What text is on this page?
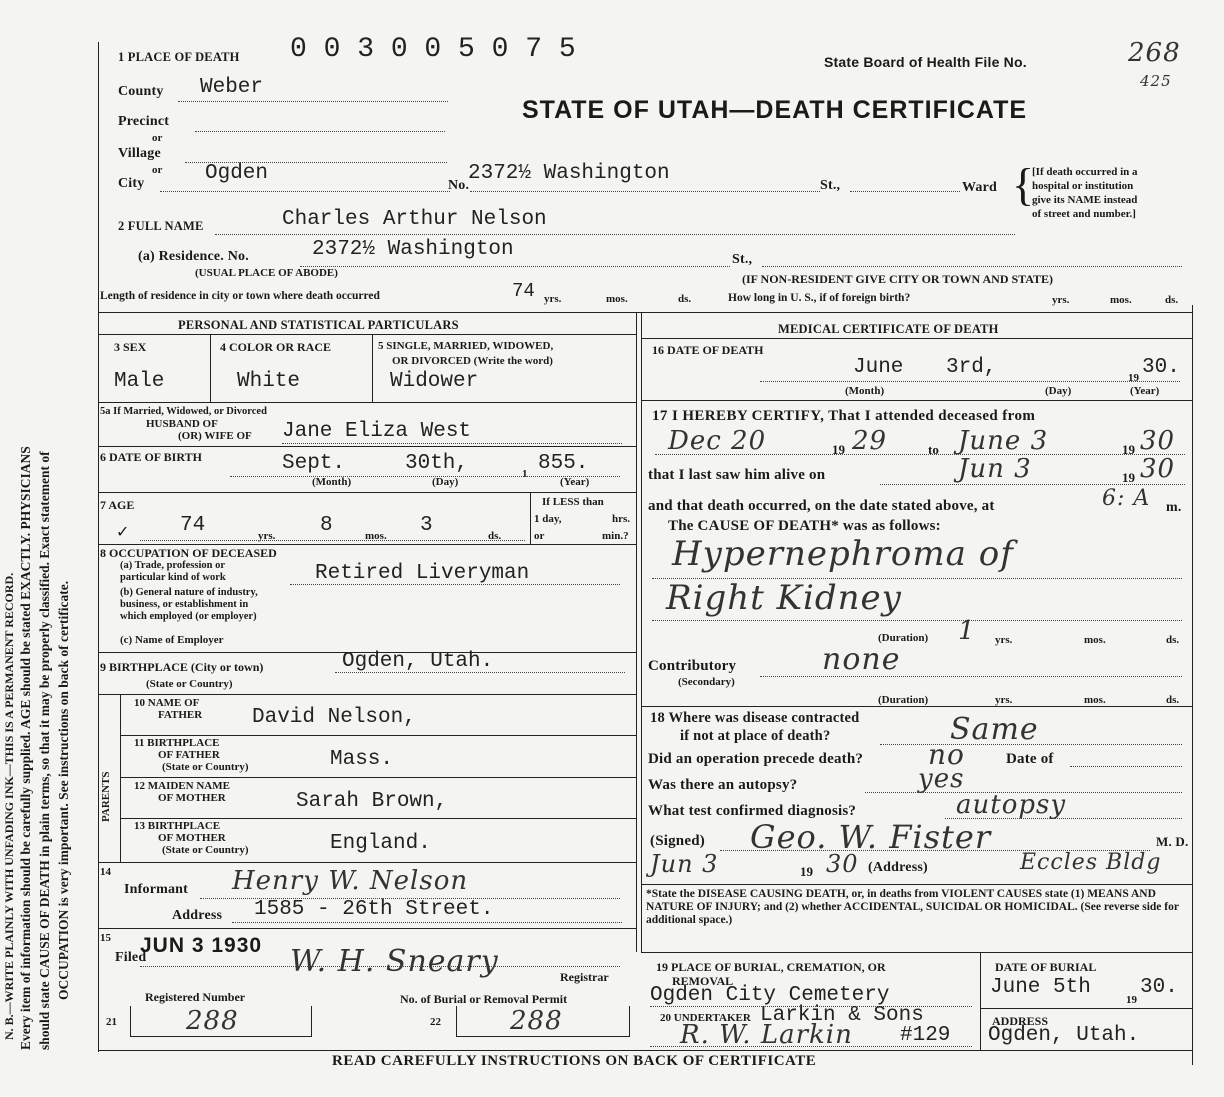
N. B.—WRITE PLAINLY WITH UNFADING INK—THIS IS A PERMANENT RECORD. Every item of information should be carefully supplied. AGE should be stated EXACTLY. PHYSICIANS should state CAUSE OF DEATH in plain terms, so that it may be properly classified. Exact statement of OCCUPATION is very important. See instructions on back of certificate.
0 0 3 0 0 5 0 7 5
1 PLACE OF DEATH	State Board of Health File No.	268
425
STATE OF UTAH—DEATH CERTIFICATE
County Weber
Precinct
or
Village
or
City	Ogden
No.
2372½ Washington
St.,	Ward {
[If death occurred in a
hospital or institution
give its NAME instead
of street and number.]
2 FULL NAME	Charles Arthur Nelson
(a) Residence. No.	2372½ Washington	St.,
(USUAL PLACE OF ABODE)	(IF NON-RESIDENT GIVE CITY OR TOWN AND STATE)
Length of residence in city or town where death occurred	74 yrs.	mos.	ds.	How long in U. S., if of foreign birth?	yrs.	mos.	ds.
PERSONAL AND STATISTICAL PARTICULARS
3 SEX
Male
4 COLOR OR RACE
White
5 SINGLE, MARRIED, WIDOWED,
OR DIVORCED (Write the word)
Widower
5a If Married, Widowed, or Divorced
HUSBAND OF
(OR) WIFE OF Jane Eliza West
6 DATE OF BIRTH	Sept.	30th,	1 855.
(Month)	(Day)	(Year)
7 AGE
✓ 74	yrs. 8	mos. 3	ds.
If LESS than
1 day,	hrs.
or	min.?
8 OCCUPATION OF DECEASED
(a) Trade, profession or
particular kind of work	Retired Liveryman
(b) General nature of industry,
business, or establishment in
which employed (or employer)
(c) Name of Employer
9 BIRTHPLACE (City or town)	Ogden, Utah.
(State or Country)
PARENTS
10 NAME OF
FATHER David Nelson,
11 BIRTHPLACE
OF FATHER
(State or Country)	Mass.
12 MAIDEN NAME
OF MOTHER	Sarah Brown,
13 BIRTHPLACE
OF MOTHER
(State or Country)	England.
14
Informant Henry W. Nelson
Address 1585 - 26th Street.
15
Filed
JUN 3 1930 W. H. Sneary	Registrar
Registered Number
21	288
No. of Burial or Removal Permit
22	288
MEDICAL CERTIFICATE OF DEATH
16 DATE OF DEATH
June 3rd,	19 30.
(Month)	(Day)	(Year)
17 I HEREBY CERTIFY, That I attended deceased from
Dec 20	19 29	to June 3	19 30
that I last saw him alive on	Jun 3	19 30
and that death occurred, on the date stated above, at	6: A m.
The CAUSE OF DEATH* was as follows:
Hypernephroma of
Right Kidney
(Duration) 1 yrs.	mos.	ds.
Contributory
(Secondary)
none
(Duration)	yrs.	mos.	ds.
18 Where was disease contracted
if not at place of death?	Same
Did an operation precede death? no	Date of
Was there an autopsy?	yes
What test confirmed diagnosis?	autopsy
(Signed) Geo. W. Fister	M. D.
Jun 3	19 30 (Address)	Eccles Bldg
*State the DISEASE CAUSING DEATH, or, in deaths from VIOLENT CAUSES state (1) MEANS AND NATURE OF INJURY; and (2) whether ACCIDENTAL, SUICIDAL OR HOMICIDAL. (See reverse side for additional space.)
19 PLACE OF BURIAL, CREMATION, OR
REMOVAL
Ogden City Cemetery
DATE OF BURIAL
June 5th
19
30.
20 UNDERTAKER Larkin & Sons
R. W. Larkin #129
ADDRESS
Ogden, Utah.
READ CAREFULLY INSTRUCTIONS ON BACK OF CERTIFICATE
